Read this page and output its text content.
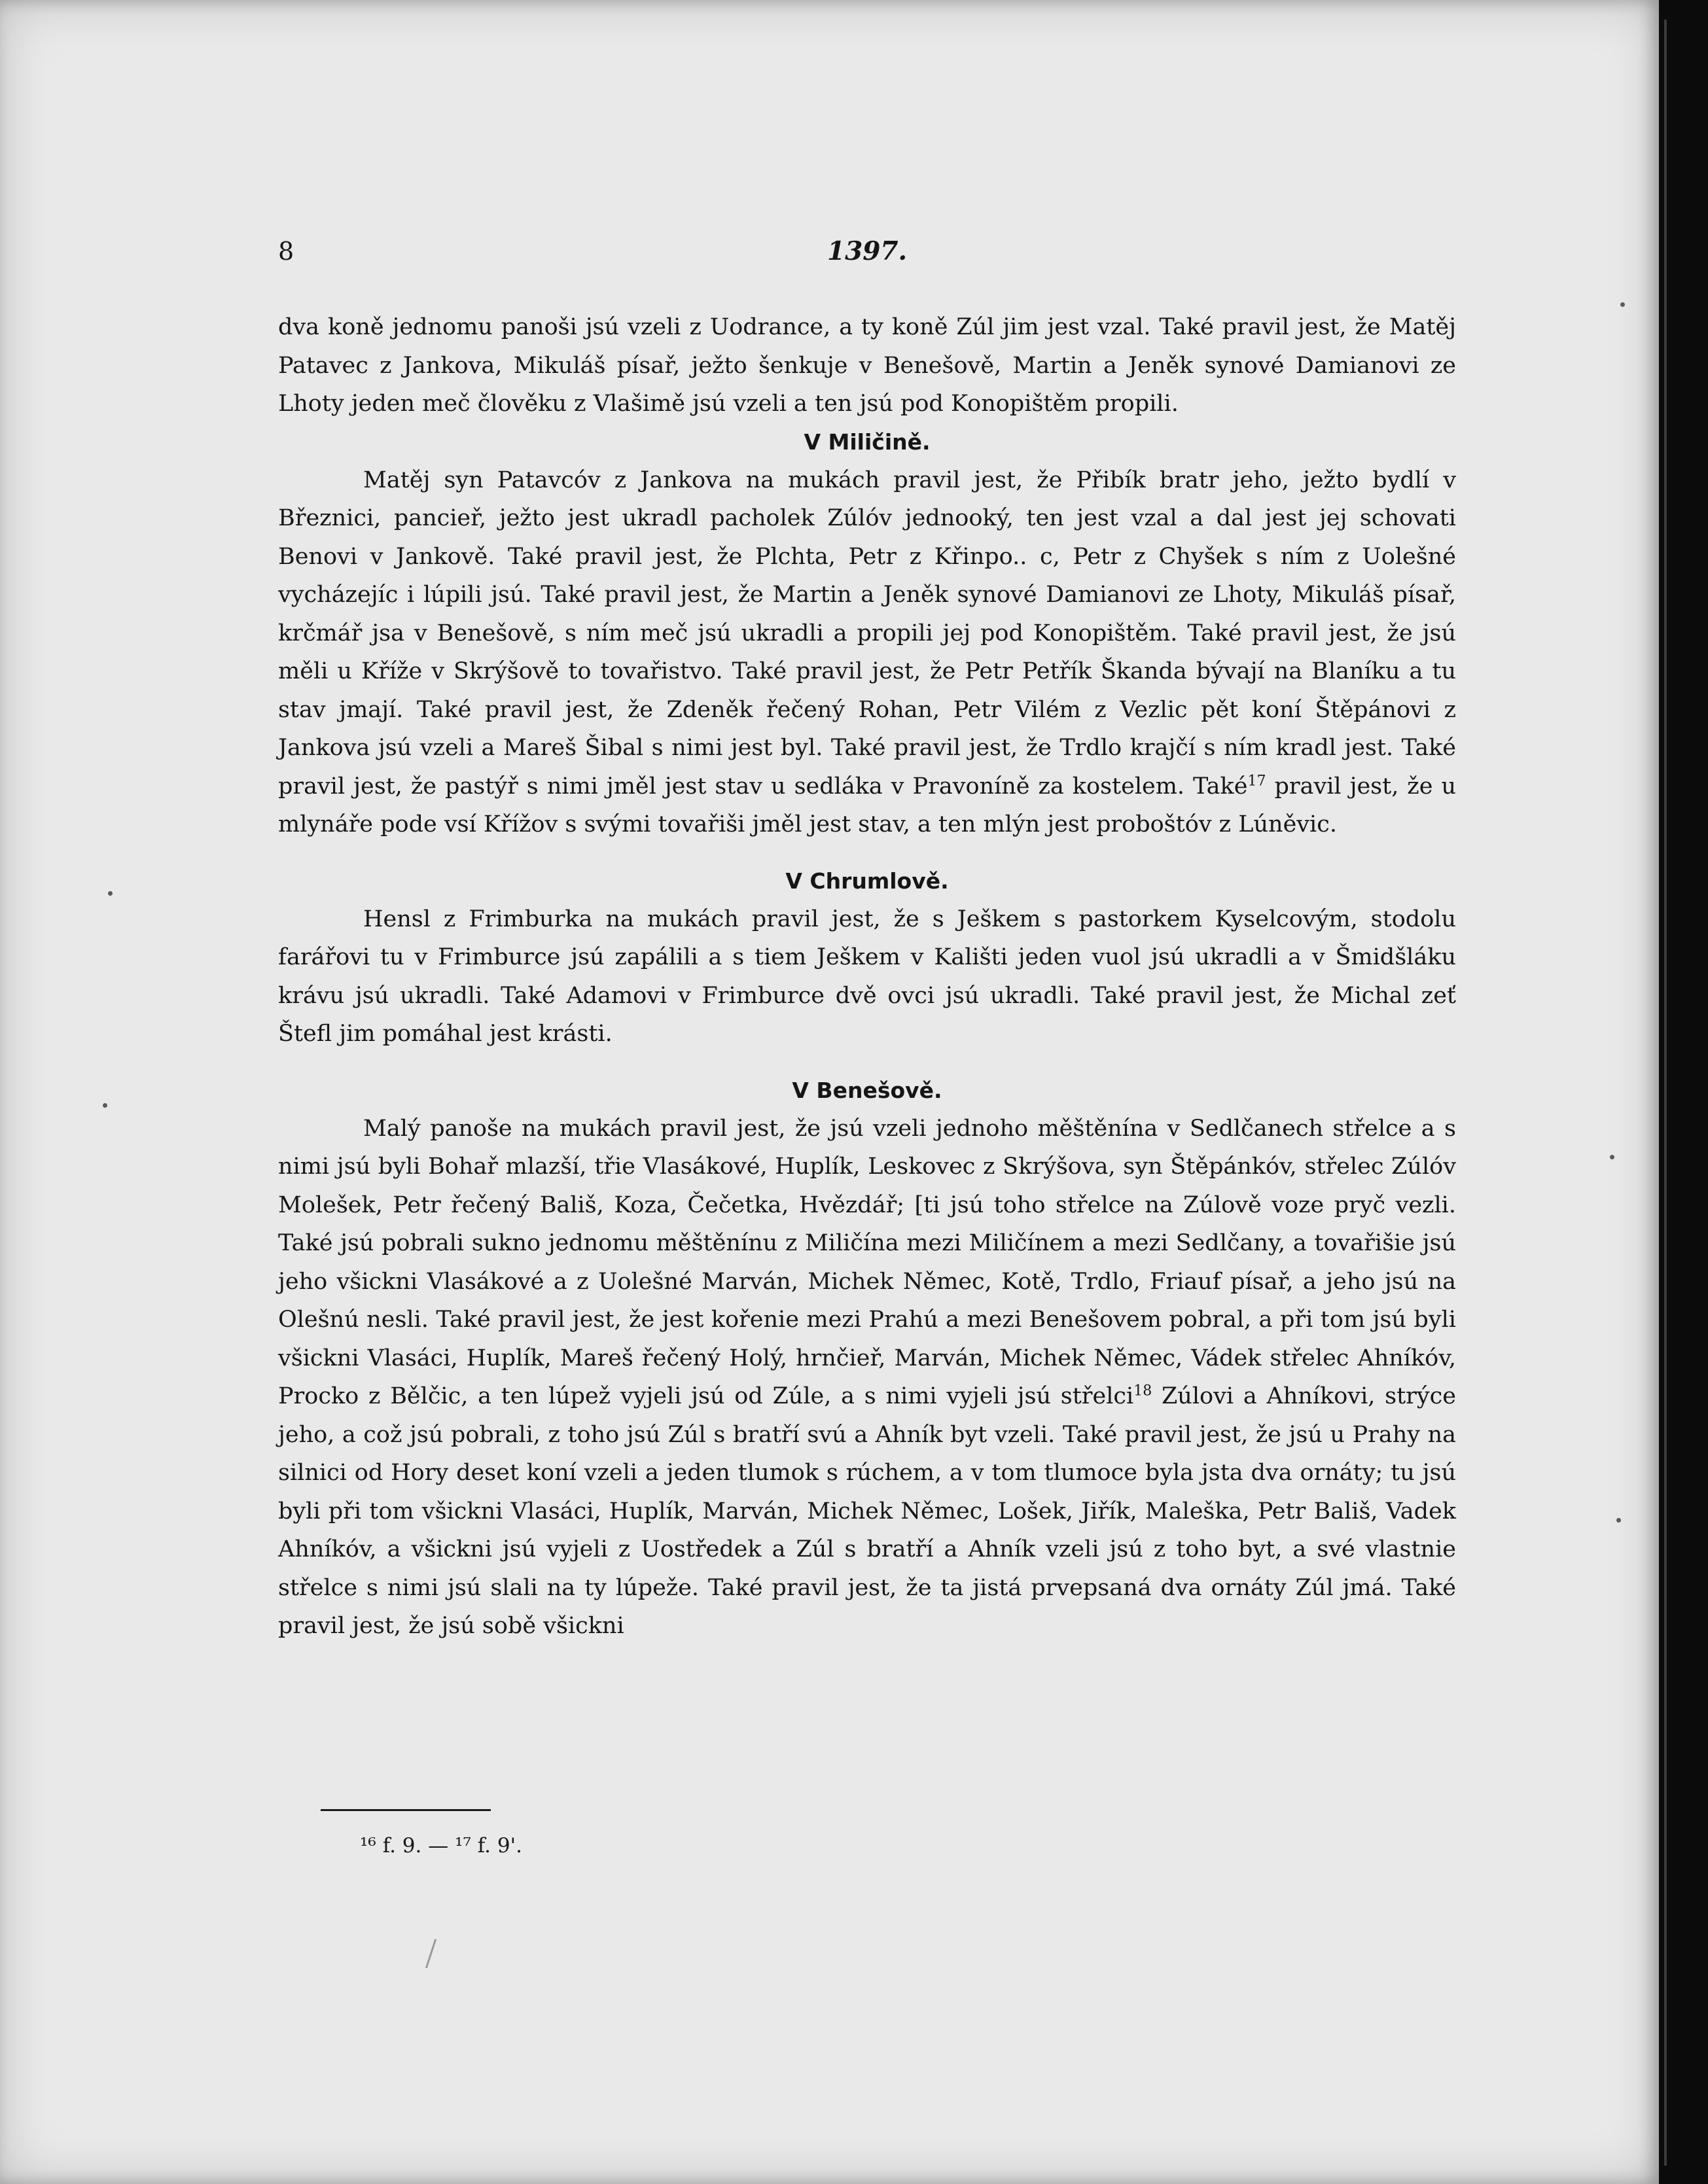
8	1397.

dva koně jednomu panoši jsú vzeli z Uodrance, a ty koně Zúl jim jest vzal. Také pravil jest, že Matěj Patavec z Jankova, Mikuláš písař, ježto šenkuje v Benešově, Martin a Jeněk synové Damianovi ze Lhoty jeden meč člověku z Vlašimě jsú vzeli a ten jsú pod Konopištěm propili.

V Miličině.

Matěj syn Patavcóv z Jankova na mukách pravil jest, že Přibík bratr jeho, ježto bydlí v Březnici, pancieř, ježto jest ukradl pacholek Zúlóv jednooký, ten jest vzal a dal jest jej schovati Benovi v Jankově. Také pravil jest, že Plchta, Petr z Křinpo.. c, Petr z Chyšek s ním z Uolešné vycházejíc i lúpili jsú. Také pravil jest, že Martin a Jeněk synové Damianovi ze Lhoty, Mikuláš písař, krčmář jsa v Benešově, s ním meč jsú ukradli a propili jej pod Konopištěm. Také pravil jest, že jsú měli u Kříže v Skrýšově to tovařistvo. Také pravil jest, že Petr Petřík Škanda bývají na Blaníku a tu stav jmají. Také pravil jest, že Zdeněk řečený Rohan, Petr Vilém z Vezlic pět koní Štěpánovi z Jankova jsú vzeli a Mareš Šibal s nimi jest byl. Také pravil jest, že Trdlo krajčí s ním kradl jest. Také pravil jest, že pastýř s nimi jměl jest stav u sedláka v Pravoníně za kostelem. Také$^{17}$ pravil jest, že u mlynáře pode vsí Křížov s svými tovařiši jměl jest stav, a ten mlýn jest proboštóv z Lúněvic.

V Chrumlově.

Hensl z Frimburka na mukách pravil jest, že s Ješkem s pastorkem Kyselcovým, stodolu farářovi tu v Frimburce jsú zapálili a s tiem Ješkem v Kališti jeden vuol jsú ukradli a v Šmidšláku krávu jsú ukradli. Také Adamovi v Frimburce dvě ovci jsú ukradli. Také pravil jest, že Michal zeť Štefl jim pomáhal jest krásti.

V Benešově.

Malý panoše na mukách pravil jest, že jsú vzeli jednoho měštěnína v Sedlčanech střelce a s nimi jsú byli Bohař mlazší, třie Vlasákové, Huplík, Leskovec z Skrýšova, syn Štěpánkóv, střelec Zúlóv Molešek, Petr řečený Bališ, Koza, Čečetka, Hvězdář; [ti jsú toho střelce na Zúlově voze pryč vezli. Také jsú pobrali sukno jednomu měštěnínu z Miličína mezi Miličínem a mezi Sedlčany, a tovařišie jsú jeho všickni Vlasákové a z Uolešné Marván, Michek Němec, Kotě, Trdlo, Friauf písař, a jeho jsú na Olešnú nesli. Také pravil jest, že jest kořenie mezi Prahú a mezi Benešovem pobral, a při tom jsú byli všickni Vlasáci, Huplík, Mareš řečený Holý, hrnčieř, Marván, Michek Němec, Vádek střelec Ahníkóv, Procko z Bělčic, a ten lúpež vyjeli jsú od Zúle, a s nimi vyjeli jsú střelci$^{18}$ Zúlovi a Ahníkovi, strýce jeho, a což jsú pobrali, z toho jsú Zúl s bratří svú a Ahník byt vzeli. Také pravil jest, že jsú u Prahy na silnici od Hory deset koní vzeli a jeden tlumok s rúchem, a v tom tlumoce byla jsta dva ornáty; tu jsú byli při tom všickni Vlasáci, Huplík, Marván, Michek Němec, Lošek, Jiřík, Maleška, Petr Bališ, Vadek Ahníkóv, a všickni jsú vyjeli z Uostředek a Zúl s bratří a Ahník vzeli jsú z toho byt, a své vlastnie střelce s nimi jsú slali na ty lúpeže. Také pravil jest, že ta jistá prvepsaná dva ornáty Zúl jmá. Také pravil jest, že jsú sobě všickni

¹⁶ f. 9. — ¹⁷ f. 9'.
